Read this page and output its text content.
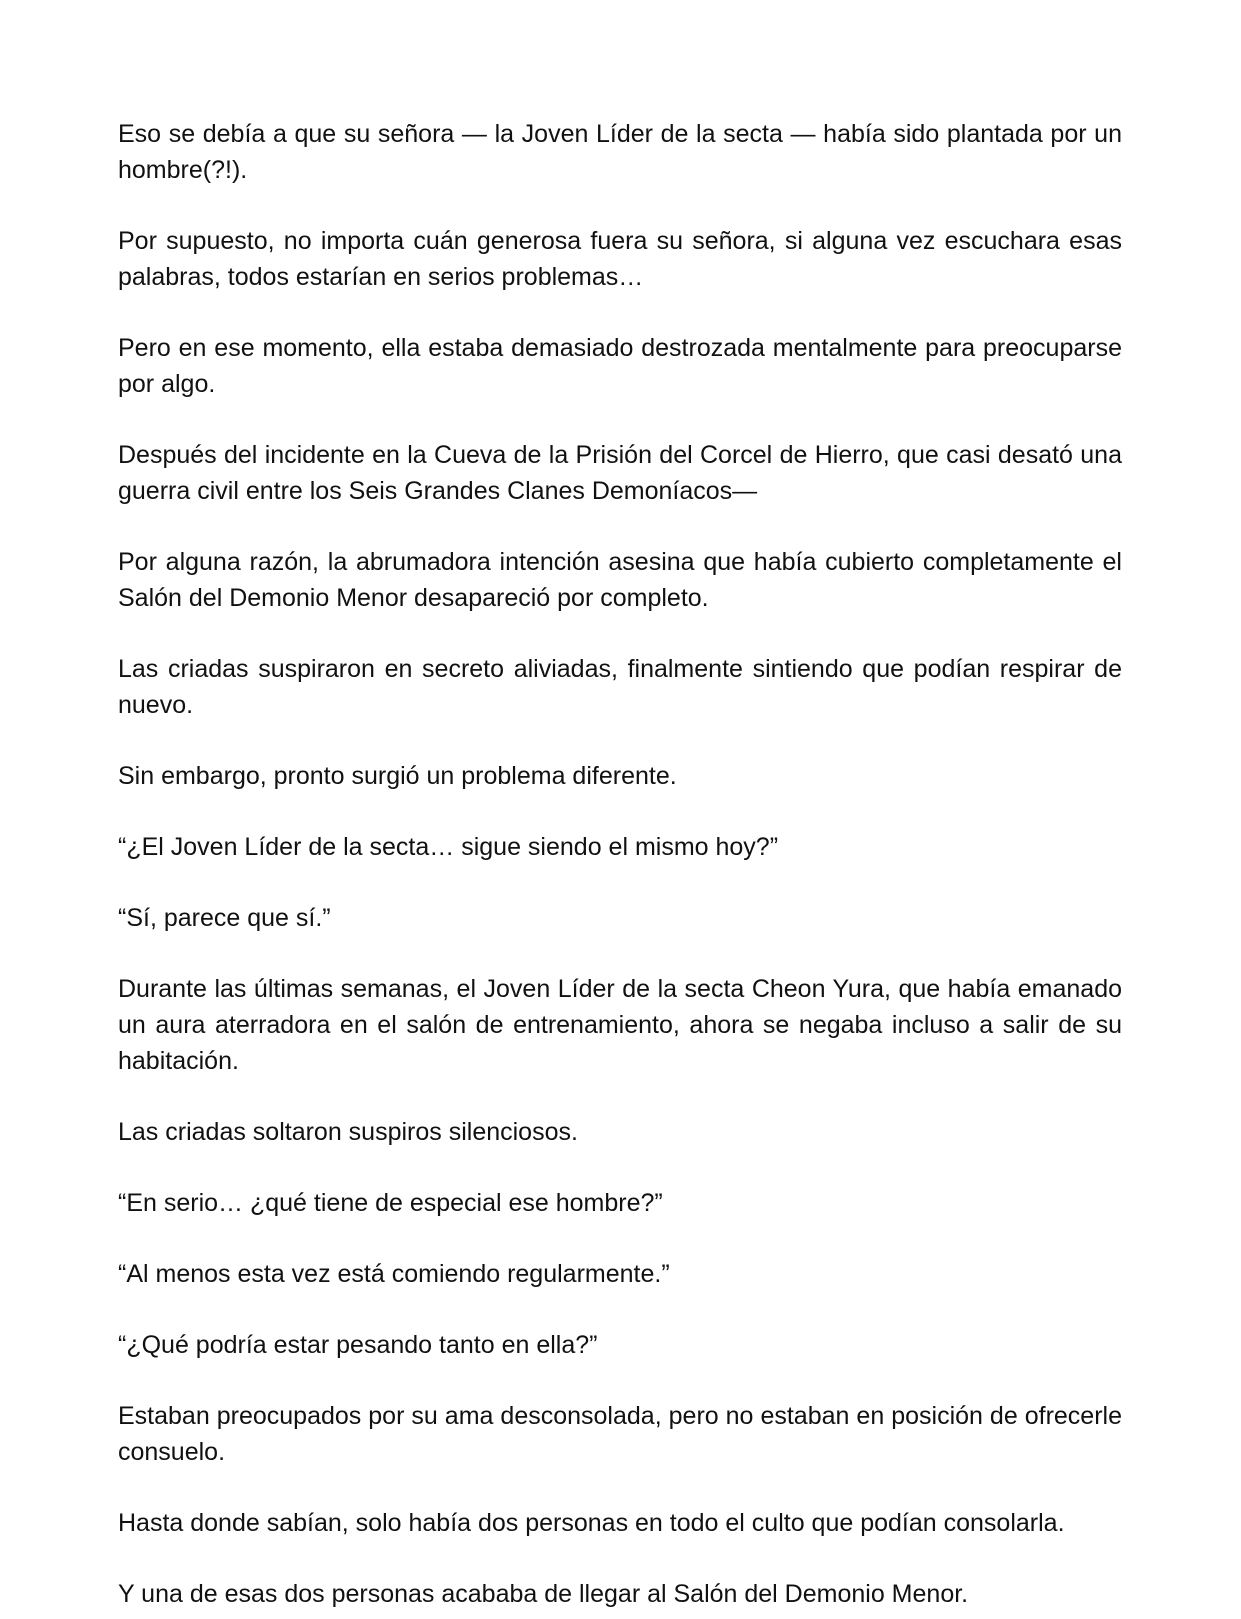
Eso se debía a que su señora — la Joven Líder de la secta — había sido plantada por un hombre(?!).

Por supuesto, no importa cuán generosa fuera su señora, si alguna vez escuchara esas palabras, todos estarían en serios problemas…

Pero en ese momento, ella estaba demasiado destrozada mentalmente para preocuparse por algo.

Después del incidente en la Cueva de la Prisión del Corcel de Hierro, que casi desató una guerra civil entre los Seis Grandes Clanes Demoníacos—

Por alguna razón, la abrumadora intención asesina que había cubierto completamente el Salón del Demonio Menor desapareció por completo.

Las criadas suspiraron en secreto aliviadas, finalmente sintiendo que podían respirar de nuevo.

Sin embargo, pronto surgió un problema diferente.

“¿El Joven Líder de la secta… sigue siendo el mismo hoy?”

“Sí, parece que sí.”

Durante las últimas semanas, el Joven Líder de la secta Cheon Yura, que había emanado un aura aterradora en el salón de entrenamiento, ahora se negaba incluso a salir de su habitación.

Las criadas soltaron suspiros silenciosos.

“En serio… ¿qué tiene de especial ese hombre?”

“Al menos esta vez está comiendo regularmente.”

“¿Qué podría estar pesando tanto en ella?”

Estaban preocupados por su ama desconsolada, pero no estaban en posición de ofrecerle consuelo.

Hasta donde sabían, solo había dos personas en todo el culto que podían consolarla.

Y una de esas dos personas acababa de llegar al Salón del Demonio Menor.
